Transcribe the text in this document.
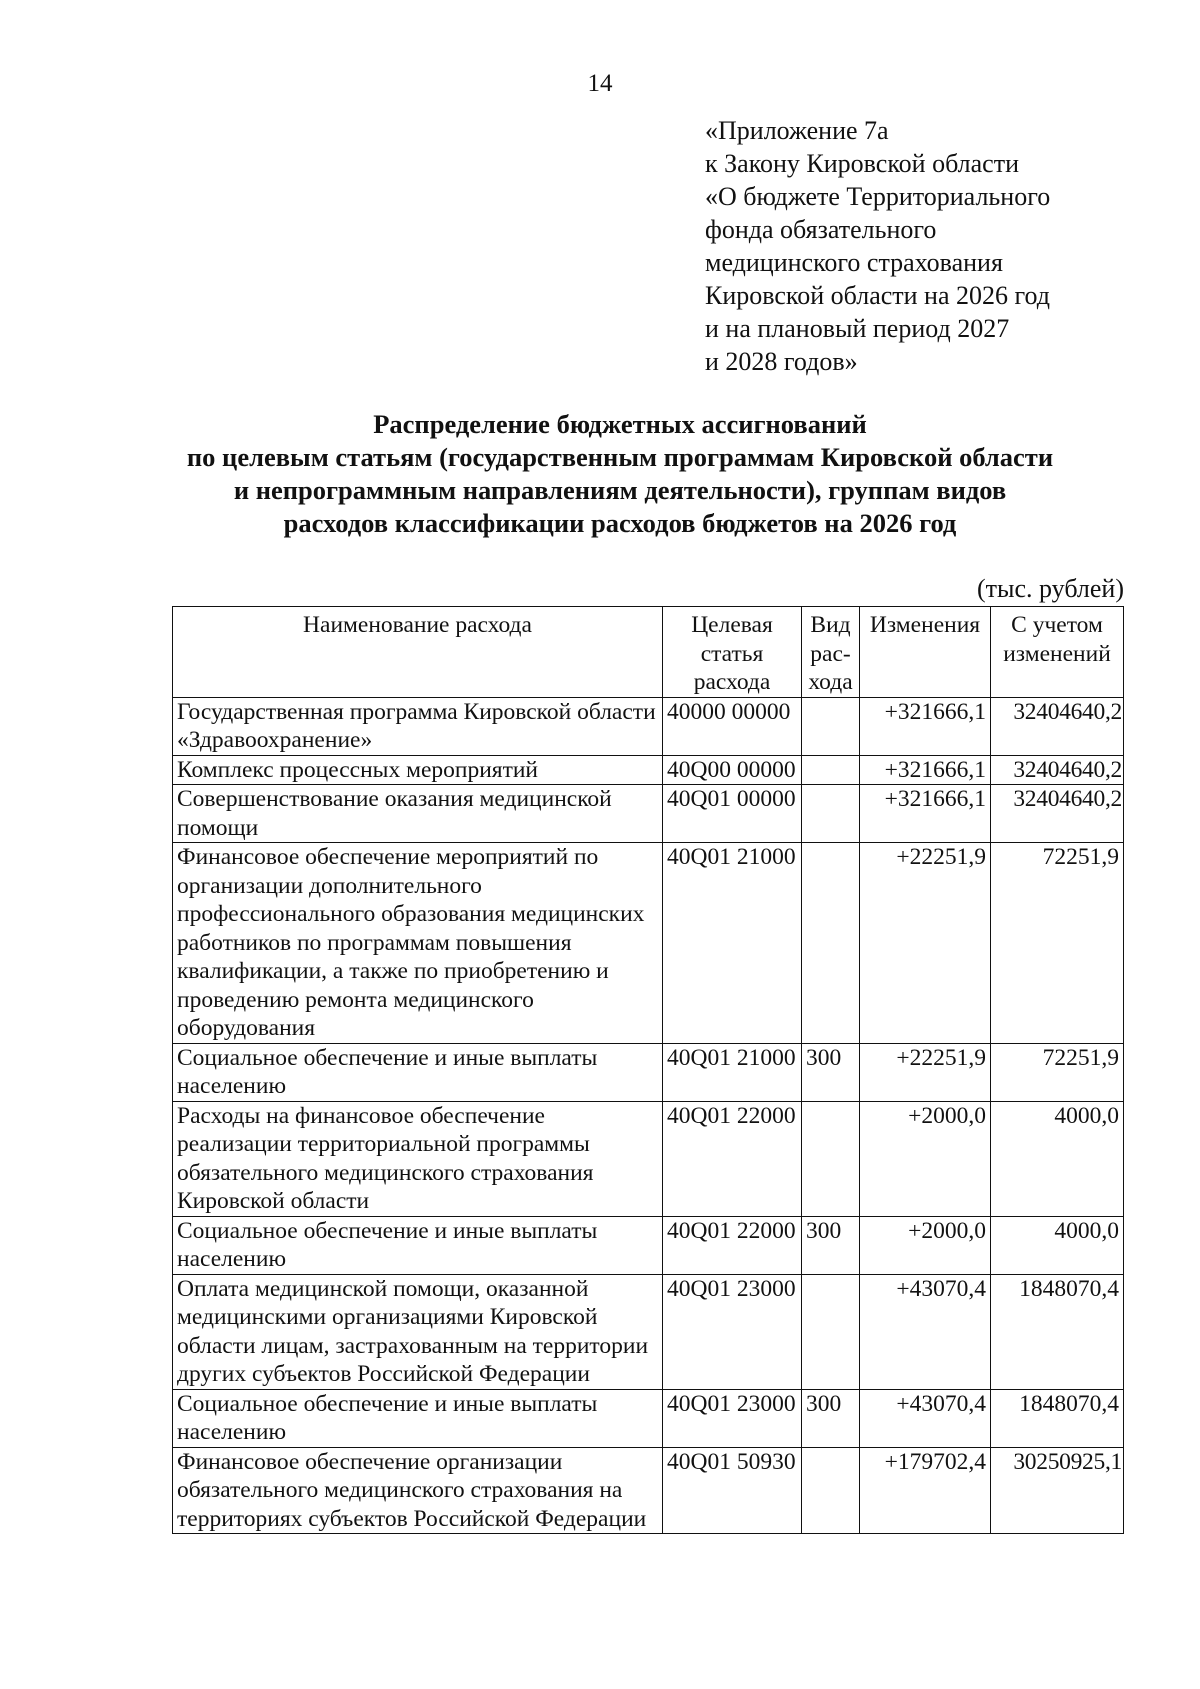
14
«Приложение 7а
к Закону Кировской области
«О бюджете Территориального
фонда обязательного
медицинского страхования
Кировской области на 2026 год
и на плановый период 2027
и 2028 годов»
Распределение бюджетных ассигнований
по целевым статьям (государственным программам Кировской области
и непрограммным направлениям деятельности), группам видов
расходов классификации расходов бюджетов на 2026 год
(тыс. рублей)
Наименование расхода	Целевая статья расхода	Вид рас-хода	Изменения	С учетом изменений
Государственная программа Кировской области «Здравоохранение»	40000 00000		+321666,1	32404640,2
Комплекс процессных мероприятий	40Q00 00000		+321666,1	32404640,2
Совершенствование оказания медицинской помощи	40Q01 00000		+321666,1	32404640,2
Финансовое обеспечение мероприятий по организации дополнительного профессионального образования медицинских работников по программам повышения квалификации, а также по приобретению и проведению ремонта медицинского оборудования	40Q01 21000		+22251,9	72251,9
Социальное обеспечение и иные выплаты населению	40Q01 21000	300	+22251,9	72251,9
Расходы на финансовое обеспечение реализации территориальной программы обязательного медицинского страхования Кировской области	40Q01 22000		+2000,0	4000,0
Социальное обеспечение и иные выплаты населению	40Q01 22000	300	+2000,0	4000,0
Оплата медицинской помощи, оказанной медицинскими организациями Кировской области лицам, застрахованным на территории других субъектов Российской Федерации	40Q01 23000		+43070,4	1848070,4
Социальное обеспечение и иные выплаты населению	40Q01 23000	300	+43070,4	1848070,4
Финансовое обеспечение организации обязательного медицинского страхования на территориях субъектов Российской Федерации	40Q01 50930		+179702,4	30250925,1
